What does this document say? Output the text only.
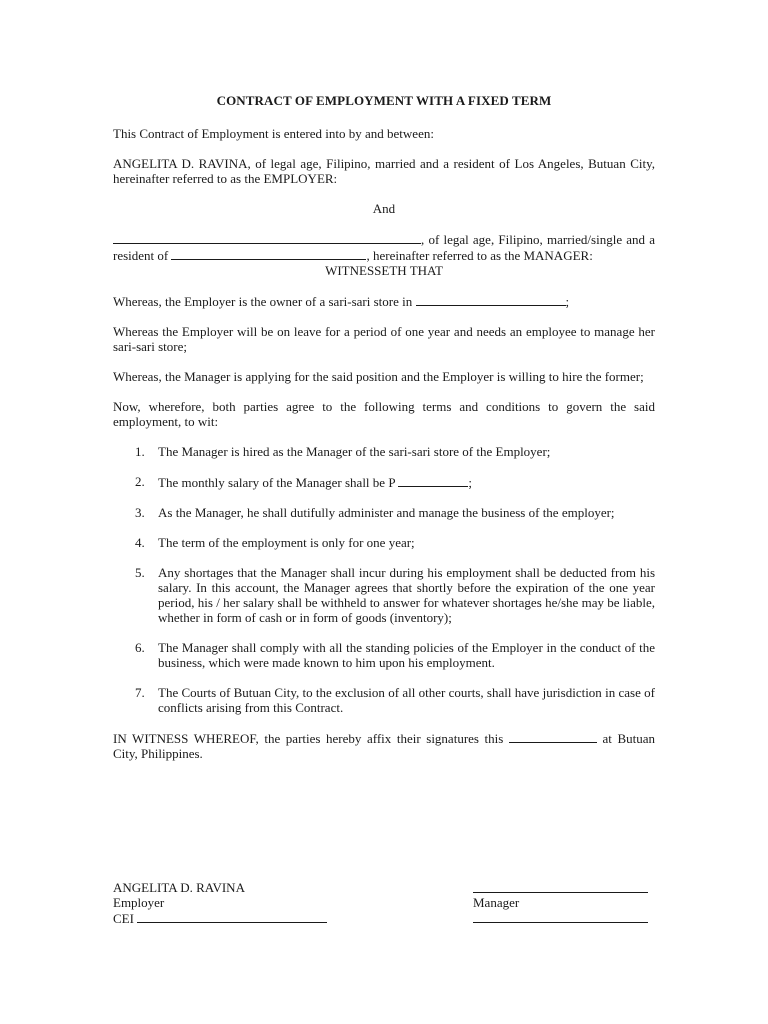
CONTRACT OF EMPLOYMENT WITH A FIXED TERM

This Contract of Employment is entered into by and between:

ANGELITA D. RAVINA, of legal age, Filipino, married and a resident of Los Angeles, Butuan City, hereinafter referred to as the EMPLOYER:

And

, of legal age, Filipino, married/single and a resident of	, hereinafter referred to as the MANAGER:

WITNESSETH THAT

Whereas, the Employer is the owner of a sari-sari store in	;

Whereas the Employer will be on leave for a period of one year and needs an employee to manage her sari-sari store;

Whereas, the Manager is applying for the said position and the Employer is willing to hire the former;

Now, wherefore, both parties agree to the following terms and conditions to govern the said employment, to wit:

1. The Manager is hired as the Manager of the sari-sari store of the Employer;
2. The monthly salary of the Manager shall be P	;
3. As the Manager, he shall dutifully administer and manage the business of the employer;
4. The term of the employment is only for one year;
5. Any shortages that the Manager shall incur during his employment shall be deducted from his salary. In this account, the Manager agrees that shortly before the expiration of the one year period, his / her salary shall be withheld to answer for whatever shortages he/she may be liable, whether in form of cash or in form of goods (inventory);
6. The Manager shall comply with all the standing policies of the Employer in the conduct of the business, which were made known to him upon his employment.
7. The Courts of Butuan City, to the exclusion of all other courts, shall have jurisdiction in case of conflicts arising from this Contract.

IN WITNESS WHEREOF, the parties hereby affix their signatures this	at Butuan City, Philippines.

ANGELITA D. RAVINA
Employer
CEI
Manager
